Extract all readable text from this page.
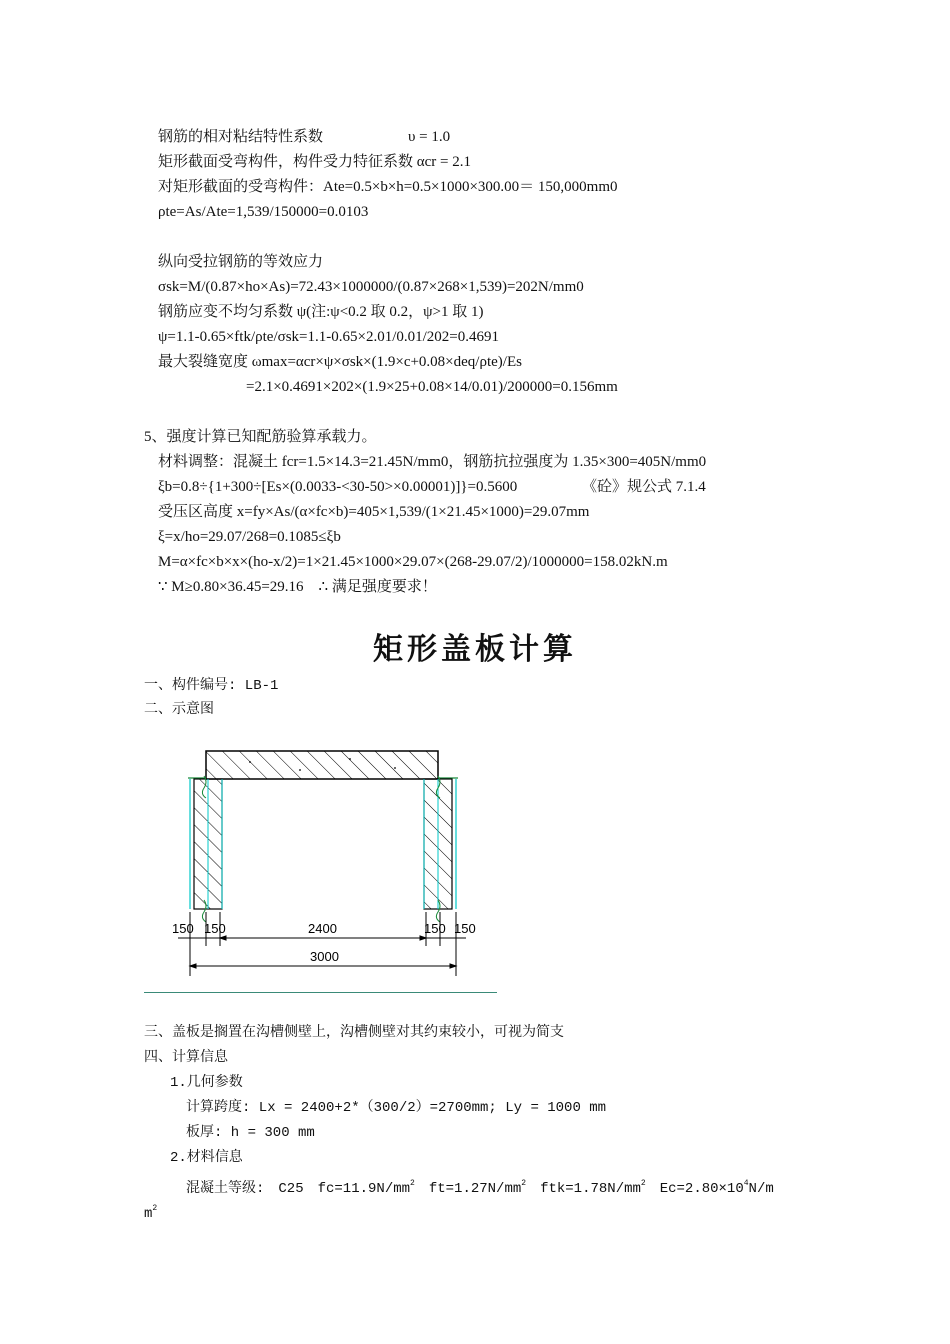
钢筋的相对粘结特性系数	υ = 1.0
矩形截面受弯构件，构件受力特征系数 αcr = 2.1
对矩形截面的受弯构件：Ate=0.5×b×h=0.5×1000×300.00＝ 150,000mm0
ρte=As/Ate=1,539/150000=0.0103
纵向受拉钢筋的等效应力
σsk=M/(0.87×ho×As)=72.43×1000000/(0.87×268×1,539)=202N/mm0
钢筋应变不均匀系数 ψ(注:ψ<0.2 取 0.2，ψ>1 取 1)
ψ=1.1-0.65×ftk/ρte/σsk=1.1-0.65×2.01/0.01/202=0.4691
最大裂缝宽度 ωmax=αcr×ψ×σsk×(1.9×c+0.08×deq/ρte)/Es
=2.1×0.4691×202×(1.9×25+0.08×14/0.01)/200000=0.156mm
5、强度计算已知配筋验算承载力。
材料调整：混凝土 fcr=1.5×14.3=21.45N/mm0，钢筋抗拉强度为 1.35×300=405N/mm0
ξb=0.8÷{1+300÷[Es×(0.0033-<30-50>×0.00001)]}=0.5600	《砼》规公式 7.1.4
受压区高度 x=fy×As/(α×fc×b)=405×1,539/(1×21.45×1000)=29.07mm
ξ=x/ho=29.07/268=0.1085≤ξb
M=α×fc×b×x×(ho-x/2)=1×21.45×1000×29.07×(268-29.07/2)/1000000=158.02kN.m
∵ M≥0.80×36.45=29.16　∴ 满足强度要求！
矩形盖板计算
一、构件编号: LB-1
二、示意图
150 150	2400	150 150
3000
三、盖板是搁置在沟槽侧壁上，沟槽侧壁对其约束较小，可视为简支
四、计算信息
1.几何参数
计算跨度: Lx = 2400+2*（300/2）=2700mm; Ly = 1000 mm
板厚: h = 300 mm
2.材料信息
混凝土等级:　C25　$fc=11.9N/mm^2$　$ft=1.27N/mm^2$　$ftk=1.78N/mm^2$　$Ec=2.80\times 10^4N/m$
$m^2$
